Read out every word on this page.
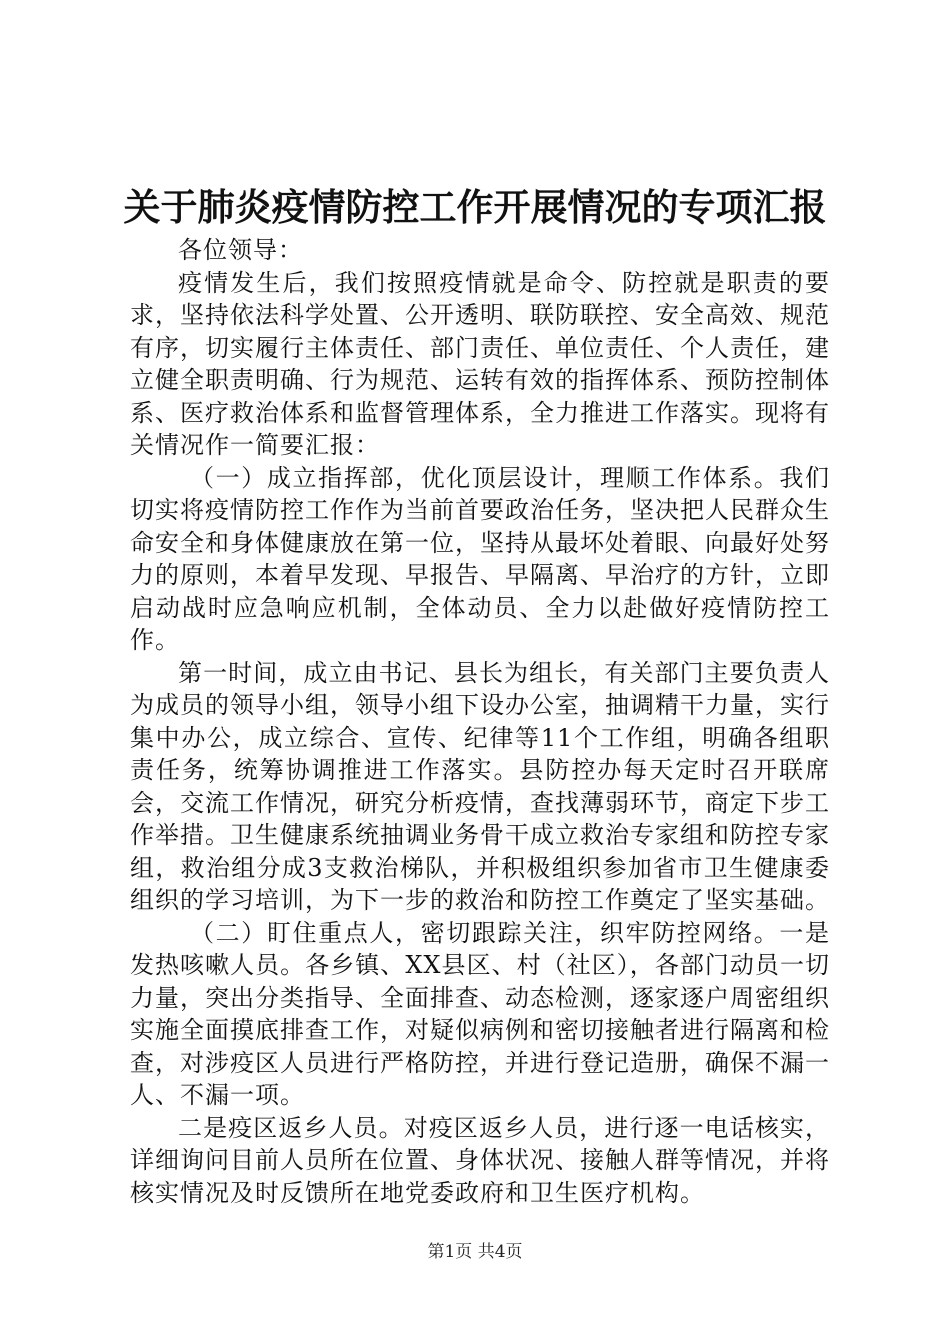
关于肺炎疫情防控工作开展情况的专项汇报

各位领导：

疫情发生后，我们按照疫情就是命令、防控就是职责的要求，坚持依法科学处置、公开透明、联防联控、安全高效、规范有序，切实履行主体责任、部门责任、单位责任、个人责任，建立健全职责明确、行为规范、运转有效的指挥体系、预防控制体系、医疗救治体系和监督管理体系，全力推进工作落实。现将有关情况作一简要汇报：

（一）成立指挥部，优化顶层设计，理顺工作体系。我们切实将疫情防控工作作为当前首要政治任务，坚决把人民群众生命安全和身体健康放在第一位，坚持从最坏处着眼、向最好处努力的原则，本着早发现、早报告、早隔离、早治疗的方针，立即启动战时应急响应机制，全体动员、全力以赴做好疫情防控工作。

第一时间，成立由书记、县长为组长，有关部门主要负责人为成员的领导小组，领导小组下设办公室，抽调精干力量，实行集中办公，成立综合、宣传、纪律等11个工作组，明确各组职责任务，统筹协调推进工作落实。县防控办每天定时召开联席会，交流工作情况，研究分析疫情，查找薄弱环节，商定下步工作举措。卫生健康系统抽调业务骨干成立救治专家组和防控专家组，救治组分成3支救治梯队，并积极组织参加省市卫生健康委组织的学习培训，为下一步的救治和防控工作奠定了坚实基础。

（二）盯住重点人，密切跟踪关注，织牢防控网络。一是发热咳嗽人员。各乡镇、XX县区、村（社区），各部门动员一切力量，突出分类指导、全面排查、动态检测，逐家逐户周密组织实施全面摸底排查工作，对疑似病例和密切接触者进行隔离和检查，对涉疫区人员进行严格防控，并进行登记造册，确保不漏一人、不漏一项。

二是疫区返乡人员。对疫区返乡人员，进行逐一电话核实，详细询问目前人员所在位置、身体状况、接触人群等情况，并将核实情况及时反馈所在地党委政府和卫生医疗机构。

第1页 共4页
